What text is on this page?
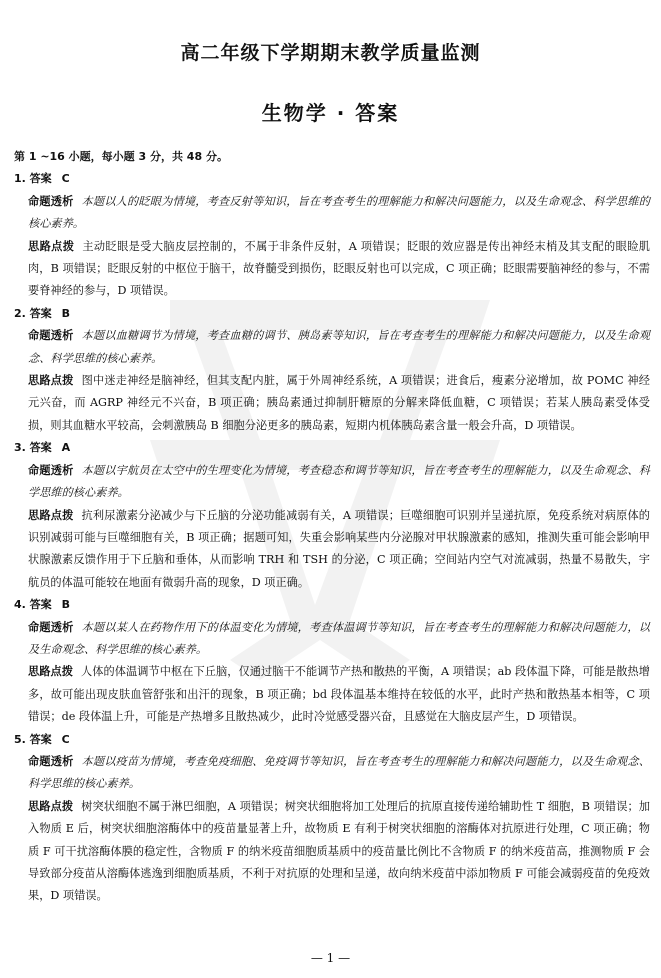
高二年级下学期期末教学质量监测
生物学 · 答案
第 1 ~16 小题，每小题 3 分，共 48 分。
1. 答案 C
命题透析 本题以人的眨眼为情境，考查反射等知识，旨在考查考生的理解能力和解决问题能力，以及生命观念、科学思维的核心素养。
思路点拨 主动眨眼是受大脑皮层控制的，不属于非条件反射，A 项错误；眨眼的效应器是传出神经末梢及其支配的眼睑肌肉，B 项错误；眨眼反射的中枢位于脑干，故脊髓受到损伤，眨眼反射也可以完成，C 项正确；眨眼需要脑神经的参与，不需要脊神经的参与，D 项错误。
2. 答案 B
命题透析 本题以血糖调节为情境，考查血糖的调节、胰岛素等知识，旨在考查考生的理解能力和解决问题能力，以及生命观念、科学思维的核心素养。
思路点拨 图中迷走神经是脑神经，但其支配内脏，属于外周神经系统，A 项错误；进食后，瘦素分泌增加，故 POMC 神经元兴奋，而 AGRP 神经元不兴奋，B 项正确；胰岛素通过抑制肝糖原的分解来降低血糖，C 项错误；若某人胰岛素受体受损，则其血糖水平较高，会刺激胰岛 B 细胞分泌更多的胰岛素，短期内机体胰岛素含量一般会升高，D 项错误。
3. 答案 A
命题透析 本题以宇航员在太空中的生理变化为情境，考查稳态和调节等知识，旨在考查考生的理解能力，以及生命观念、科学思维的核心素养。
思路点拨 抗利尿激素分泌减少与下丘脑的分泌功能减弱有关，A 项错误；巨噬细胞可识别并呈递抗原，免疫系统对病原体的识别减弱可能与巨噬细胞有关，B 项正确；据题可知，失重会影响某些内分泌腺对甲状腺激素的感知，推测失重可能会影响甲状腺激素反馈作用于下丘脑和垂体，从而影响 TRH 和 TSH 的分泌，C 项正确；空间站内空气对流减弱，热量不易散失，宇航员的体温可能较在地面有微弱升高的现象，D 项正确。
4. 答案 B
命题透析 本题以某人在药物作用下的体温变化为情境，考查体温调节等知识，旨在考查考生的理解能力和解决问题能力，以及生命观念、科学思维的核心素养。
思路点拨 人体的体温调节中枢在下丘脑，仅通过脑干不能调节产热和散热的平衡，A 项错误；ab 段体温下降，可能是散热增多，故可能出现皮肤血管舒张和出汗的现象，B 项正确；bd 段体温基本维持在较低的水平，此时产热和散热基本相等，C 项错误；de 段体温上升，可能是产热增多且散热减少，此时冷觉感受器兴奋，且感觉在大脑皮层产生，D 项错误。
5. 答案 C
命题透析 本题以疫苗为情境，考查免疫细胞、免疫调节等知识，旨在考查考生的理解能力和解决问题能力，以及生命观念、科学思维的核心素养。
思路点拨 树突状细胞不属于淋巴细胞，A 项错误；树突状细胞将加工处理后的抗原直接传递给辅助性 T 细胞，B 项错误；加入物质 E 后，树突状细胞溶酶体中的疫苗量显著上升，故物质 E 有利于树突状细胞的溶酶体对抗原进行处理，C 项正确；物质 F 可干扰溶酶体膜的稳定性，含物质 F 的纳米疫苗细胞质基质中的疫苗量比例比不含物质 F 的纳米疫苗高，推测物质 F 会导致部分疫苗从溶酶体逃逸到细胞质基质，不利于对抗原的处理和呈递，故向纳米疫苗中添加物质 F 可能会减弱疫苗的免疫效果，D 项错误。
— 1 —
